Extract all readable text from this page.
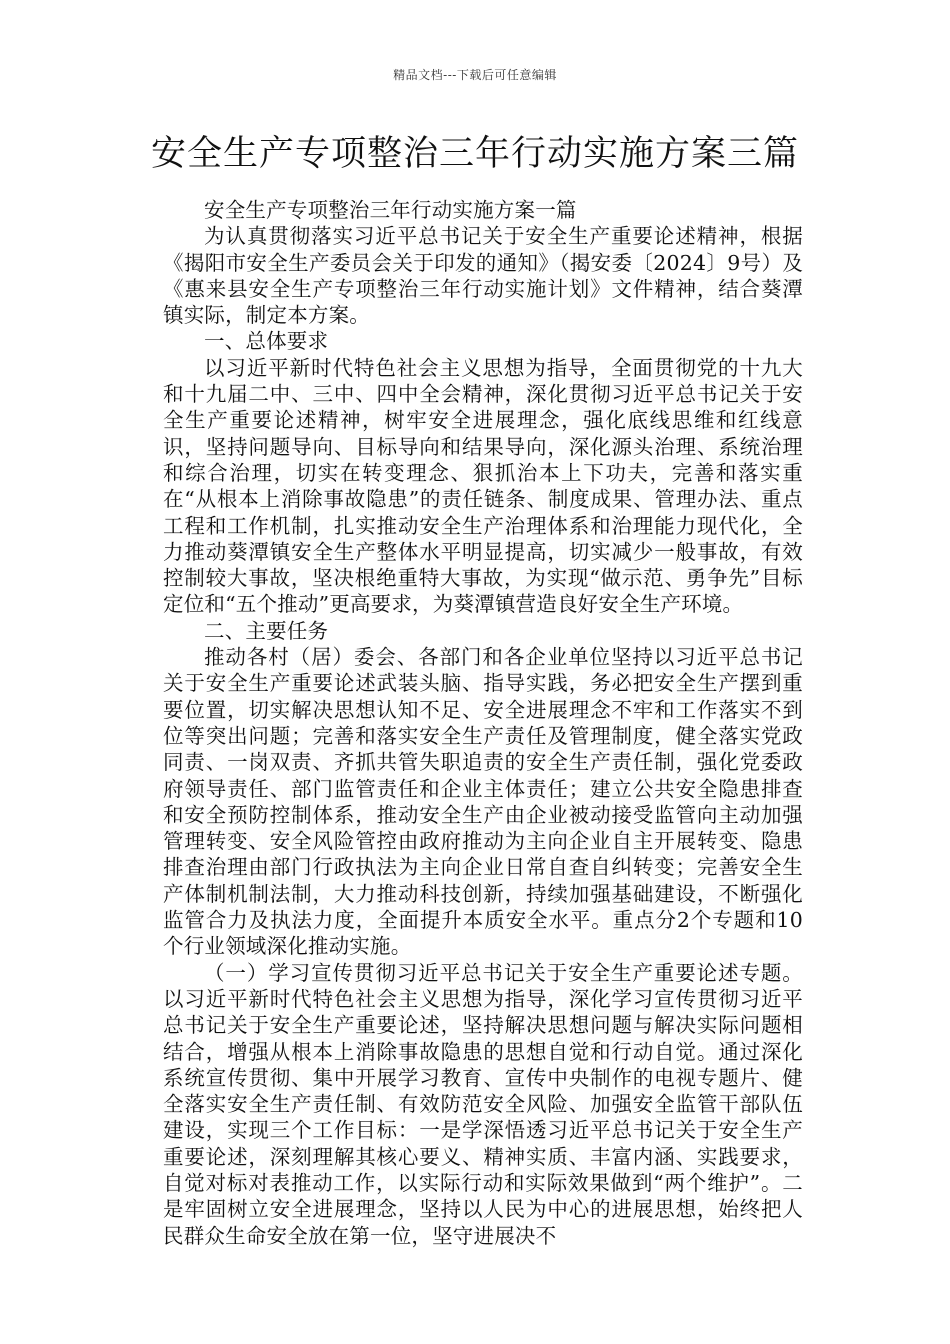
精品文档---下载后可任意编辑
安全生产专项整治三年行动实施方案三篇

安全生产专项整治三年行动实施方案一篇

为认真贯彻落实习近平总书记关于安全生产重要论述精神，根据《揭阳市安全生产委员会关于印发的通知》（揭安委〔2024〕9号）及《惠来县安全生产专项整治三年行动实施计划》文件精神，结合葵潭镇实际，制定本方案。

一、总体要求

以习近平新时代特色社会主义思想为指导，全面贯彻党的十九大和十九届二中、三中、四中全会精神，深化贯彻习近平总书记关于安全生产重要论述精神，树牢安全进展理念，强化底线思维和红线意识，坚持问题导向、目标导向和结果导向，深化源头治理、系统治理和综合治理，切实在转变理念、狠抓治本上下功夫，完善和落实重在“从根本上消除事故隐患”的责任链条、制度成果、管理办法、重点工程和工作机制，扎实推动安全生产治理体系和治理能力现代化，全力推动葵潭镇安全生产整体水平明显提高，切实减少一般事故，有效控制较大事故，坚决根绝重特大事故，为实现“做示范、勇争先”目标定位和“五个推动”更高要求，为葵潭镇营造良好安全生产环境。

二、主要任务

推动各村（居）委会、各部门和各企业单位坚持以习近平总书记关于安全生产重要论述武装头脑、指导实践，务必把安全生产摆到重要位置，切实解决思想认知不足、安全进展理念不牢和工作落实不到位等突出问题；完善和落实安全生产责任及管理制度，健全落实党政同责、一岗双责、齐抓共管失职追责的安全生产责任制，强化党委政府领导责任、部门监管责任和企业主体责任；建立公共安全隐患排查和安全预防控制体系，推动安全生产由企业被动接受监管向主动加强管理转变、安全风险管控由政府推动为主向企业自主开展转变、隐患排查治理由部门行政执法为主向企业日常自查自纠转变；完善安全生产体制机制法制，大力推动科技创新，持续加强基础建设，不断强化监管合力及执法力度，全面提升本质安全水平。重点分2个专题和10个行业领域深化推动实施。

（一）学习宣传贯彻习近平总书记关于安全生产重要论述专题。以习近平新时代特色社会主义思想为指导，深化学习宣传贯彻习近平总书记关于安全生产重要论述，坚持解决思想问题与解决实际问题相结合，增强从根本上消除事故隐患的思想自觉和行动自觉。通过深化系统宣传贯彻、集中开展学习教育、宣传中央制作的电视专题片、健全落实安全生产责任制、有效防范安全风险、加强安全监管干部队伍建设，实现三个工作目标：一是学深悟透习近平总书记关于安全生产重要论述，深刻理解其核心要义、精神实质、丰富内涵、实践要求，自觉对标对表推动工作，以实际行动和实际效果做到“两个维护”。二是牢固树立安全进展理念，坚持以人民为中心的进展思想，始终把人民群众生命安全放在第一位，坚守进展决不
